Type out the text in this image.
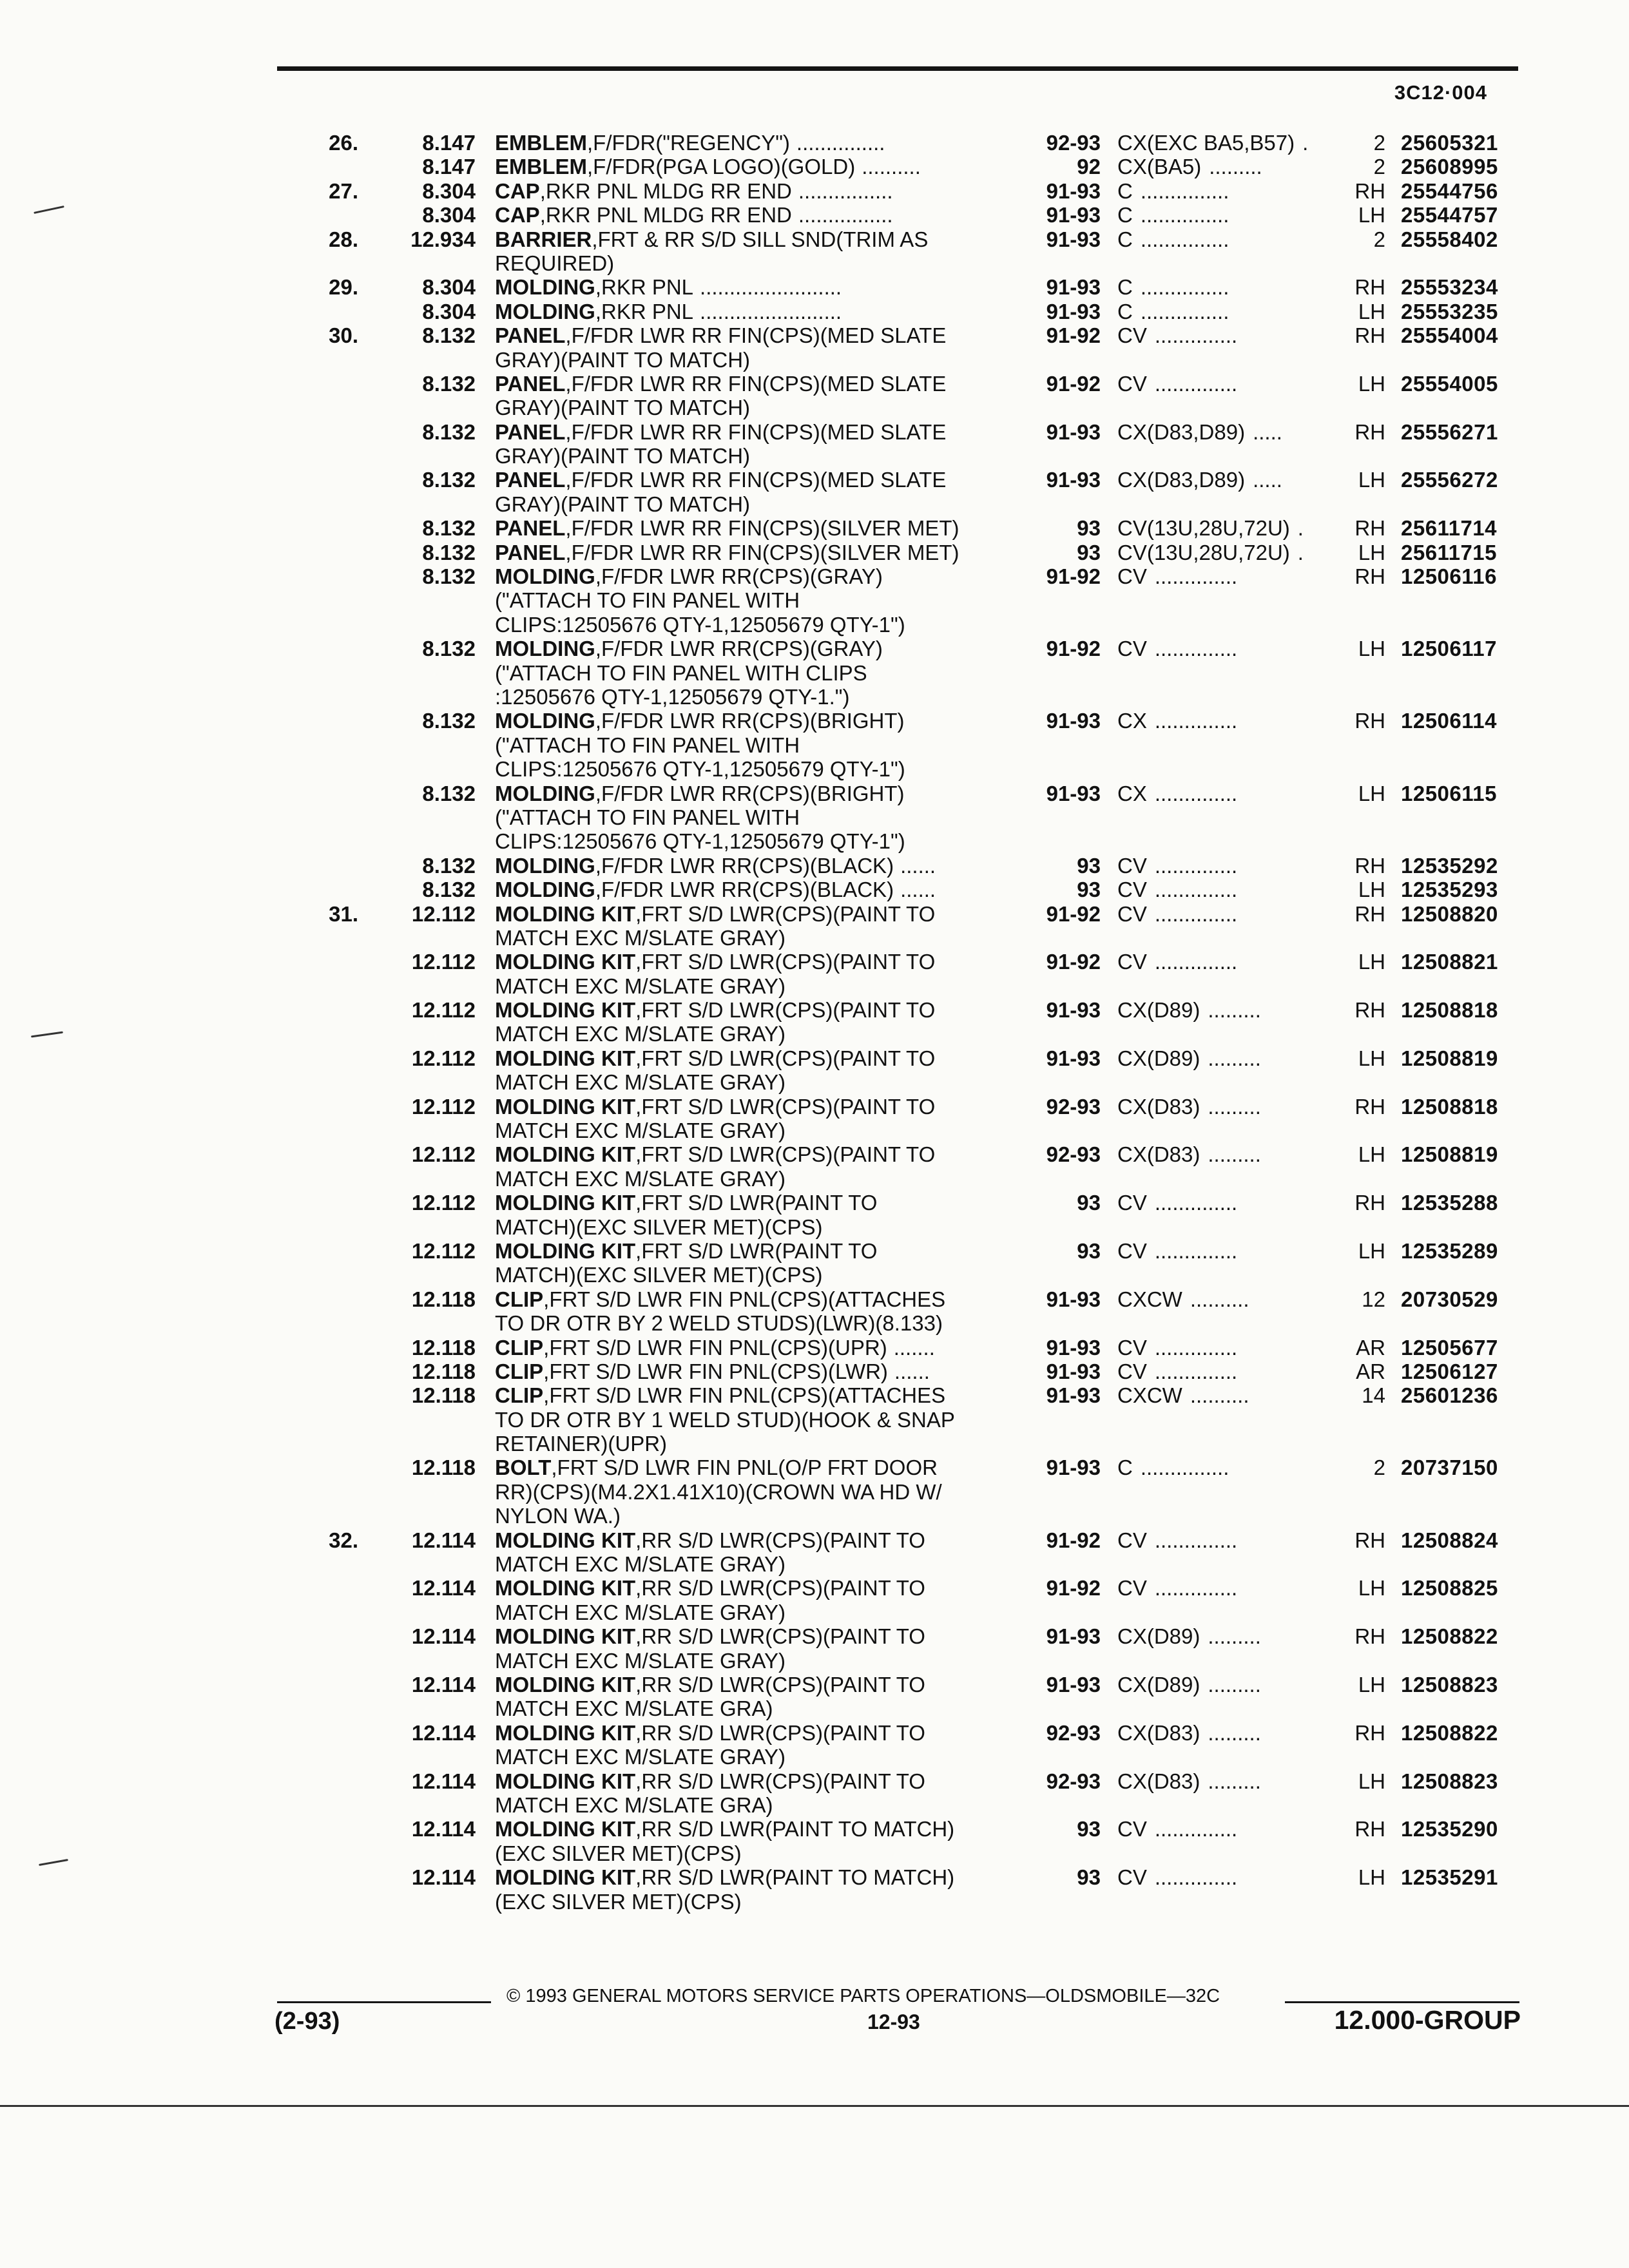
3C12·004
26.	8.147 EMBLEM,F/FDR("REGENCY") ...............	92-93 CX(EXC BA5,B57) .	2 25605321
8.147 EMBLEM,F/FDR(PGA LOGO)(GOLD) ..........	92 CX(BA5) .........	2 25608995
27.	8.304 CAP,RKR PNL MLDG RR END ................	91-93 C ...............	RH 25544756
8.304 CAP,RKR PNL MLDG RR END ................	91-93 C ...............	LH 25544757
28.	12.934 BARRIER,FRT & RR S/D SILL SND(TRIM AS	91-93 C ...............	2 25558402
REQUIRED)
29.	8.304 MOLDING,RKR PNL ........................	91-93 C ...............	RH 25553234
8.304 MOLDING,RKR PNL ........................	91-93 C ...............	LH 25553235
30.	8.132 PANEL,F/FDR LWR RR FIN(CPS)(MED SLATE	91-92 CV ..............	RH 25554004
GRAY)(PAINT TO MATCH)
8.132 PANEL,F/FDR LWR RR FIN(CPS)(MED SLATE	91-92 CV ..............	LH 25554005
GRAY)(PAINT TO MATCH)
8.132 PANEL,F/FDR LWR RR FIN(CPS)(MED SLATE	91-93 CX(D83,D89) .....	RH 25556271
GRAY)(PAINT TO MATCH)
8.132 PANEL,F/FDR LWR RR FIN(CPS)(MED SLATE	91-93 CX(D83,D89) .....	LH 25556272
GRAY)(PAINT TO MATCH)
8.132 PANEL,F/FDR LWR RR FIN(CPS)(SILVER MET)	93 CV(13U,28U,72U) .	RH 25611714
8.132 PANEL,F/FDR LWR RR FIN(CPS)(SILVER MET)	93 CV(13U,28U,72U) .	LH 25611715
8.132 MOLDING,F/FDR LWR RR(CPS)(GRAY)	91-92 CV ..............	RH 12506116
("ATTACH TO FIN PANEL WITH
CLIPS:12505676 QTY-1,12505679 QTY-1")
8.132 MOLDING,F/FDR LWR RR(CPS)(GRAY)	91-92 CV ..............	LH 12506117
("ATTACH TO FIN PANEL WITH CLIPS
:12505676 QTY-1,12505679 QTY-1.")
8.132 MOLDING,F/FDR LWR RR(CPS)(BRIGHT)	91-93 CX ..............	RH 12506114
("ATTACH TO FIN PANEL WITH
CLIPS:12505676 QTY-1,12505679 QTY-1")
8.132 MOLDING,F/FDR LWR RR(CPS)(BRIGHT)	91-93 CX ..............	LH 12506115
("ATTACH TO FIN PANEL WITH
CLIPS:12505676 QTY-1,12505679 QTY-1")
8.132 MOLDING,F/FDR LWR RR(CPS)(BLACK) ......	93 CV ..............	RH 12535292
8.132 MOLDING,F/FDR LWR RR(CPS)(BLACK) ......	93 CV ..............	LH 12535293
31.	12.112 MOLDING KIT,FRT S/D LWR(CPS)(PAINT TO	91-92 CV ..............	RH 12508820
MATCH EXC M/SLATE GRAY)
12.112 MOLDING KIT,FRT S/D LWR(CPS)(PAINT TO	91-92 CV ..............	LH 12508821
MATCH EXC M/SLATE GRAY)
12.112 MOLDING KIT,FRT S/D LWR(CPS)(PAINT TO	91-93 CX(D89) .........	RH 12508818
MATCH EXC M/SLATE GRAY)
12.112 MOLDING KIT,FRT S/D LWR(CPS)(PAINT TO	91-93 CX(D89) .........	LH 12508819
MATCH EXC M/SLATE GRAY)
12.112 MOLDING KIT,FRT S/D LWR(CPS)(PAINT TO	92-93 CX(D83) .........	RH 12508818
MATCH EXC M/SLATE GRAY)
12.112 MOLDING KIT,FRT S/D LWR(CPS)(PAINT TO	92-93 CX(D83) .........	LH 12508819
MATCH EXC M/SLATE GRAY)
12.112 MOLDING KIT,FRT S/D LWR(PAINT TO	93 CV ..............	RH 12535288
MATCH)(EXC SILVER MET)(CPS)
12.112 MOLDING KIT,FRT S/D LWR(PAINT TO	93 CV ..............	LH 12535289
MATCH)(EXC SILVER MET)(CPS)
12.118 CLIP,FRT S/D LWR FIN PNL(CPS)(ATTACHES	91-93 CXCW ..........	12 20730529
TO DR OTR BY 2 WELD STUDS)(LWR)(8.133)
12.118 CLIP,FRT S/D LWR FIN PNL(CPS)(UPR) .......	91-93 CV ..............	AR 12505677
12.118 CLIP,FRT S/D LWR FIN PNL(CPS)(LWR) ......	91-93 CV ..............	AR 12506127
12.118 CLIP,FRT S/D LWR FIN PNL(CPS)(ATTACHES	91-93 CXCW ..........	14 25601236
TO DR OTR BY 1 WELD STUD)(HOOK & SNAP
RETAINER)(UPR)
12.118 BOLT,FRT S/D LWR FIN PNL(O/P FRT DOOR	91-93 C ...............	2 20737150
RR)(CPS)(M4.2X1.41X10)(CROWN WA HD W/
NYLON WA.)
32.	12.114 MOLDING KIT,RR S/D LWR(CPS)(PAINT TO	91-92 CV ..............	RH 12508824
MATCH EXC M/SLATE GRAY)
12.114 MOLDING KIT,RR S/D LWR(CPS)(PAINT TO	91-92 CV ..............	LH 12508825
MATCH EXC M/SLATE GRAY)
12.114 MOLDING KIT,RR S/D LWR(CPS)(PAINT TO	91-93 CX(D89) .........	RH 12508822
MATCH EXC M/SLATE GRAY)
12.114 MOLDING KIT,RR S/D LWR(CPS)(PAINT TO	91-93 CX(D89) .........	LH 12508823
MATCH EXC M/SLATE GRA)
12.114 MOLDING KIT,RR S/D LWR(CPS)(PAINT TO	92-93 CX(D83) .........	RH 12508822
MATCH EXC M/SLATE GRAY)
12.114 MOLDING KIT,RR S/D LWR(CPS)(PAINT TO	92-93 CX(D83) .........	LH 12508823
MATCH EXC M/SLATE GRA)
12.114 MOLDING KIT,RR S/D LWR(PAINT TO MATCH)	93 CV ..............	RH 12535290
(EXC SILVER MET)(CPS)
12.114 MOLDING KIT,RR S/D LWR(PAINT TO MATCH)	93 CV ..............	LH 12535291
(EXC SILVER MET)(CPS)
© 1993 GENERAL MOTORS SERVICE PARTS OPERATIONS—OLDSMOBILE—32C
(2-93)	12-93	12.000-GROUP
